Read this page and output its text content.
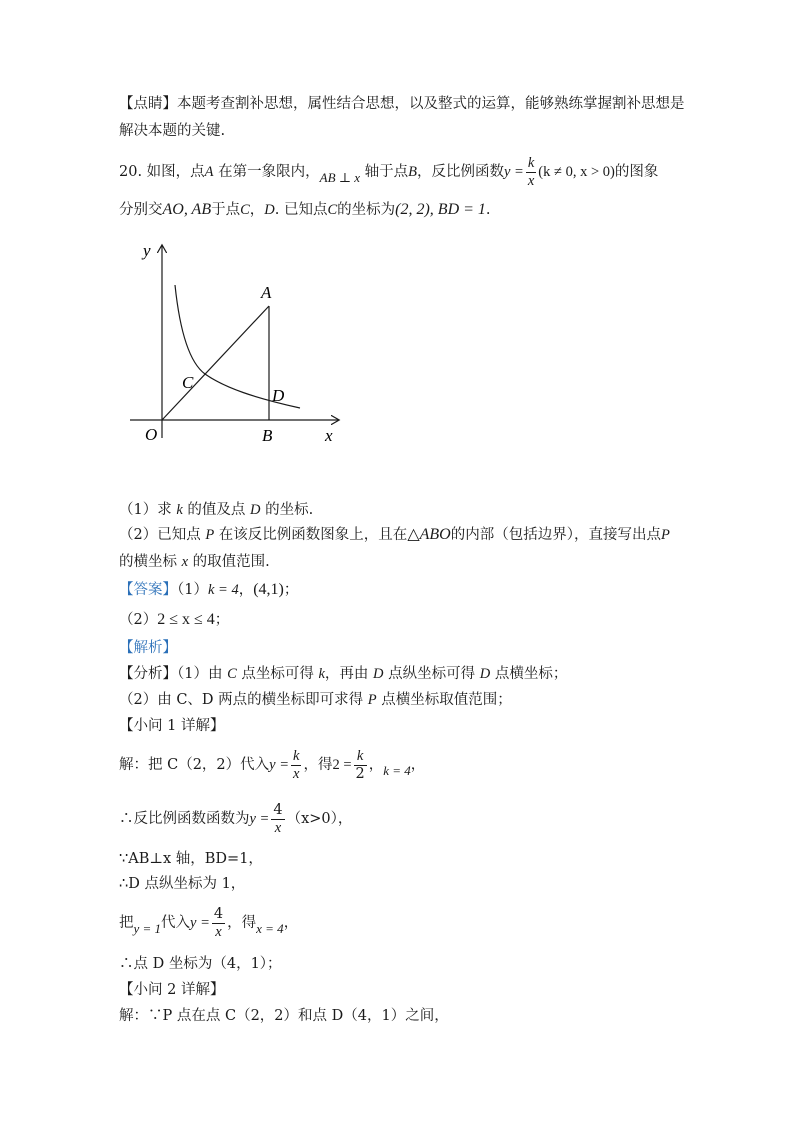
【点睛】本题考查割补思想，属性结合思想，以及整式的运算，能够熟练掌握割补思想是
解决本题的关键.
20. 如图，点A 在第一象限内，AB ⊥ x 轴于点B，反比例函数$y = \frac{k}{x} (k \ne 0$, x > 0)的图象
分别交AO, AB于点C，D. 已知点C的坐标为(2, 2), BD = 1.
y
x
O
A
B
C
D
（1）求 k 的值及点 D 的坐标.
（2）已知点 P 在该反比例函数图象上，且在△ABO的内部（包括边界），直接写出点P
的横坐标 x 的取值范围.
【答案】（1）k = 4，(4,1)；
（2）2 ≤ x ≤ 4；
【解析】
【分析】（1）由 C 点坐标可得 k，再由 D 点纵坐标可得 D 点横坐标；
（2）由 C、D 两点的横坐标即可求得 P 点横坐标取值范围；
【小问 1 详解】
解：把 C（2，2）代入$y = \frac{k}{x}$ ，得$2 = \frac{k}{2}$ ，k = 4，
∴反比例函数函数为$y = \frac{4}{x} (x>0)$，
∵AB⊥x 轴，BD=1，
∴D 点纵坐标为 1，
把y = 1代入$y = \frac{4}{x}$ ，得x = 4，
∴点 D 坐标为（4，1）；
【小问 2 详解】
解：∵P 点在点 C（2，2）和点 D（4，1）之间，
